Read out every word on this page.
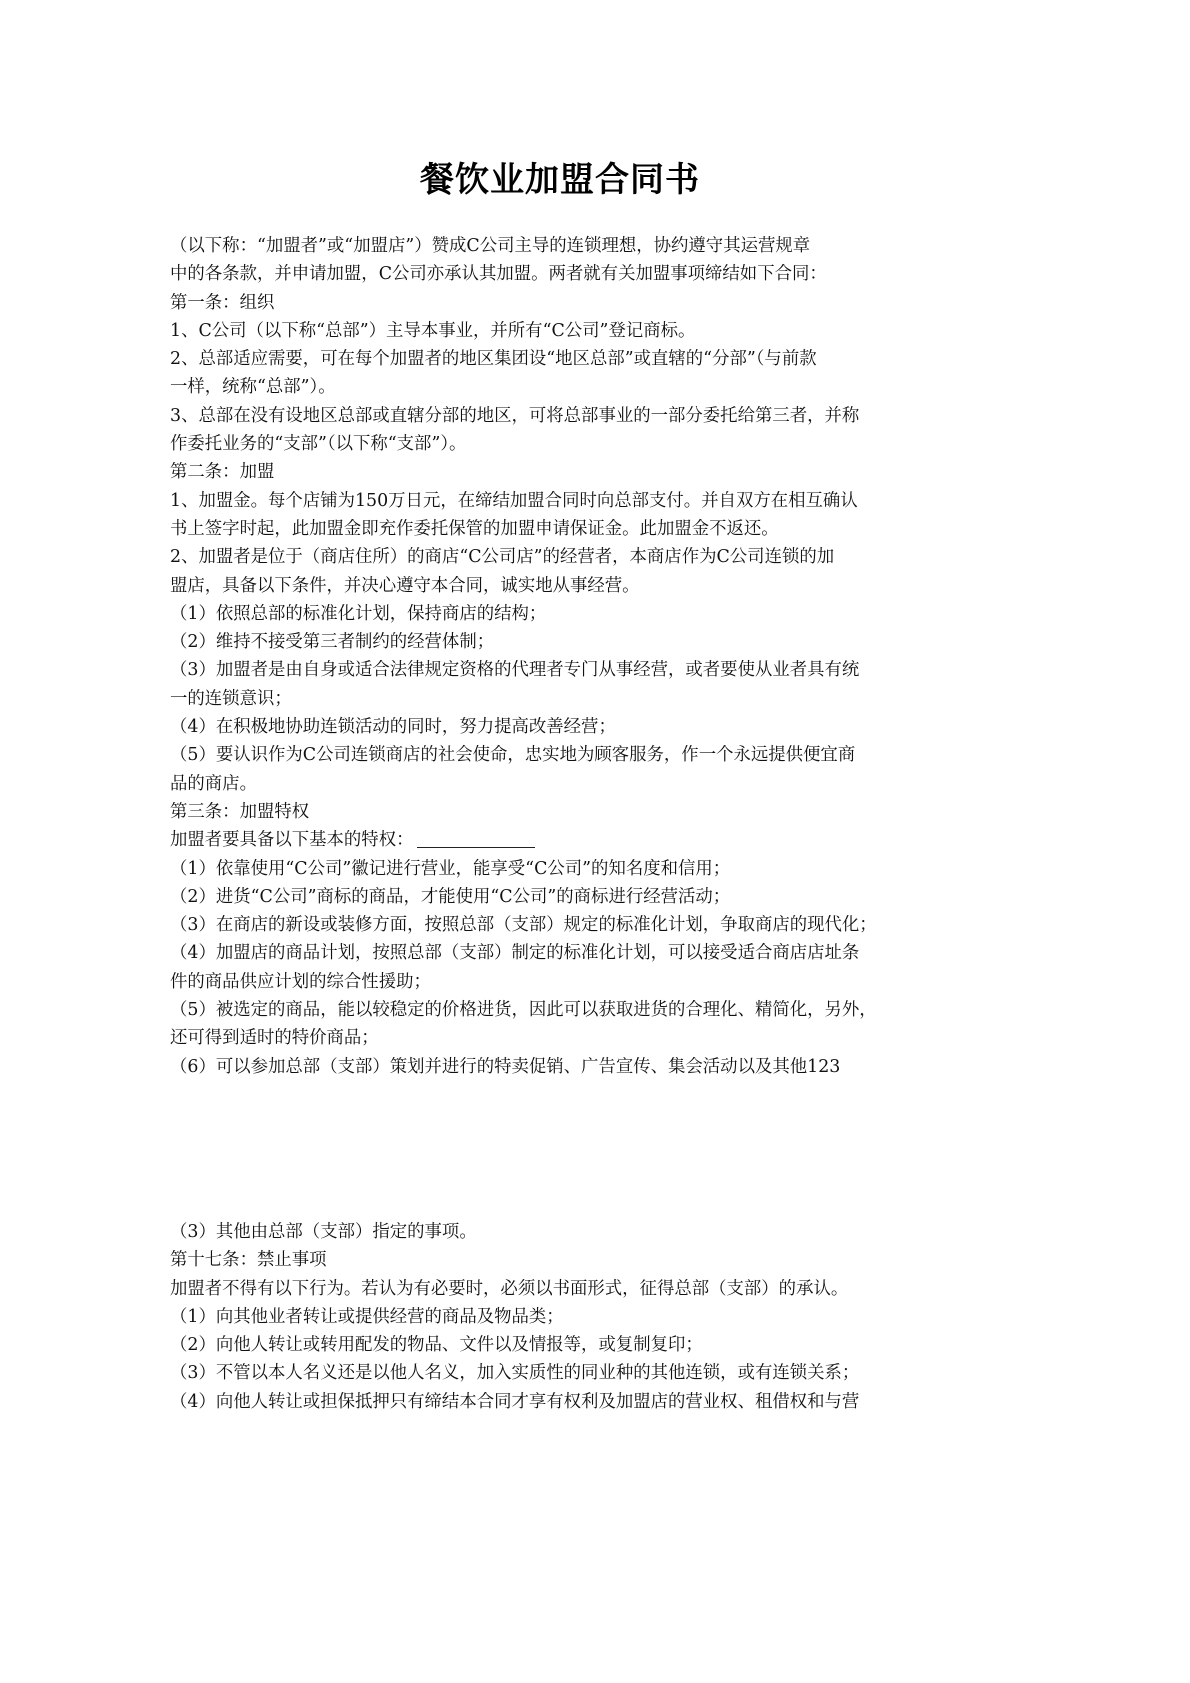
餐饮业加盟合同书
（以下称：“加盟者”或“加盟店”）赞成C公司主导的连锁理想，协约遵守其运营规章
中的各条款，并申请加盟，C公司亦承认其加盟。两者就有关加盟事项缔结如下合同：
第一条：组织
1、C公司（以下称“总部”）主导本事业，并所有“C公司”登记商标。
2、总部适应需要，可在每个加盟者的地区集团设“地区总部”或直辖的“分部”（与前款
一样，统称“总部”）。
3、总部在没有设地区总部或直辖分部的地区，可将总部事业的一部分委托给第三者，并称
作委托业务的“支部”（以下称“支部”）。
第二条：加盟
1、加盟金。每个店铺为150万日元，在缔结加盟合同时向总部支付。并自双方在相互确认
书上签字时起，此加盟金即充作委托保管的加盟申请保证金。此加盟金不返还。
2、加盟者是位于（商店住所）的商店“C公司店”的经营者，本商店作为C公司连锁的加
盟店，具备以下条件，并决心遵守本合同，诚实地从事经营。
（1）依照总部的标准化计划，保持商店的结构；
（2）维持不接受第三者制约的经营体制；
（3）加盟者是由自身或适合法律规定资格的代理者专门从事经营，或者要使从业者具有统
一的连锁意识；
（4）在积极地协助连锁活动的同时，努力提高改善经营；
（5）要认识作为C公司连锁商店的社会使命，忠实地为顾客服务，作一个永远提供便宜商
品的商店。
第三条：加盟特权
加盟者要具备以下基本的特权：
（1）依靠使用“C公司”徽记进行营业，能享受“C公司”的知名度和信用；
（2）进货“C公司”商标的商品，才能使用“C公司”的商标进行经营活动；
（3）在商店的新设或装修方面，按照总部（支部）规定的标准化计划，争取商店的现代化；
（4）加盟店的商品计划，按照总部（支部）制定的标准化计划，可以接受适合商店店址条
件的商品供应计划的综合性援助；
（5）被选定的商品，能以较稳定的价格进货，因此可以获取进货的合理化、精简化，另外，
还可得到适时的特价商品；
（6）可以参加总部（支部）策划并进行的特卖促销、广告宣传、集会活动以及其他123
（3）其他由总部（支部）指定的事项。
第十七条：禁止事项
加盟者不得有以下行为。若认为有必要时，必须以书面形式，征得总部（支部）的承认。
（1）向其他业者转让或提供经营的商品及物品类；
（2）向他人转让或转用配发的物品、文件以及情报等，或复制复印；
（3）不管以本人名义还是以他人名义，加入实质性的同业种的其他连锁，或有连锁关系；
（4）向他人转让或担保抵押只有缔结本合同才享有权利及加盟店的营业权、租借权和与营
